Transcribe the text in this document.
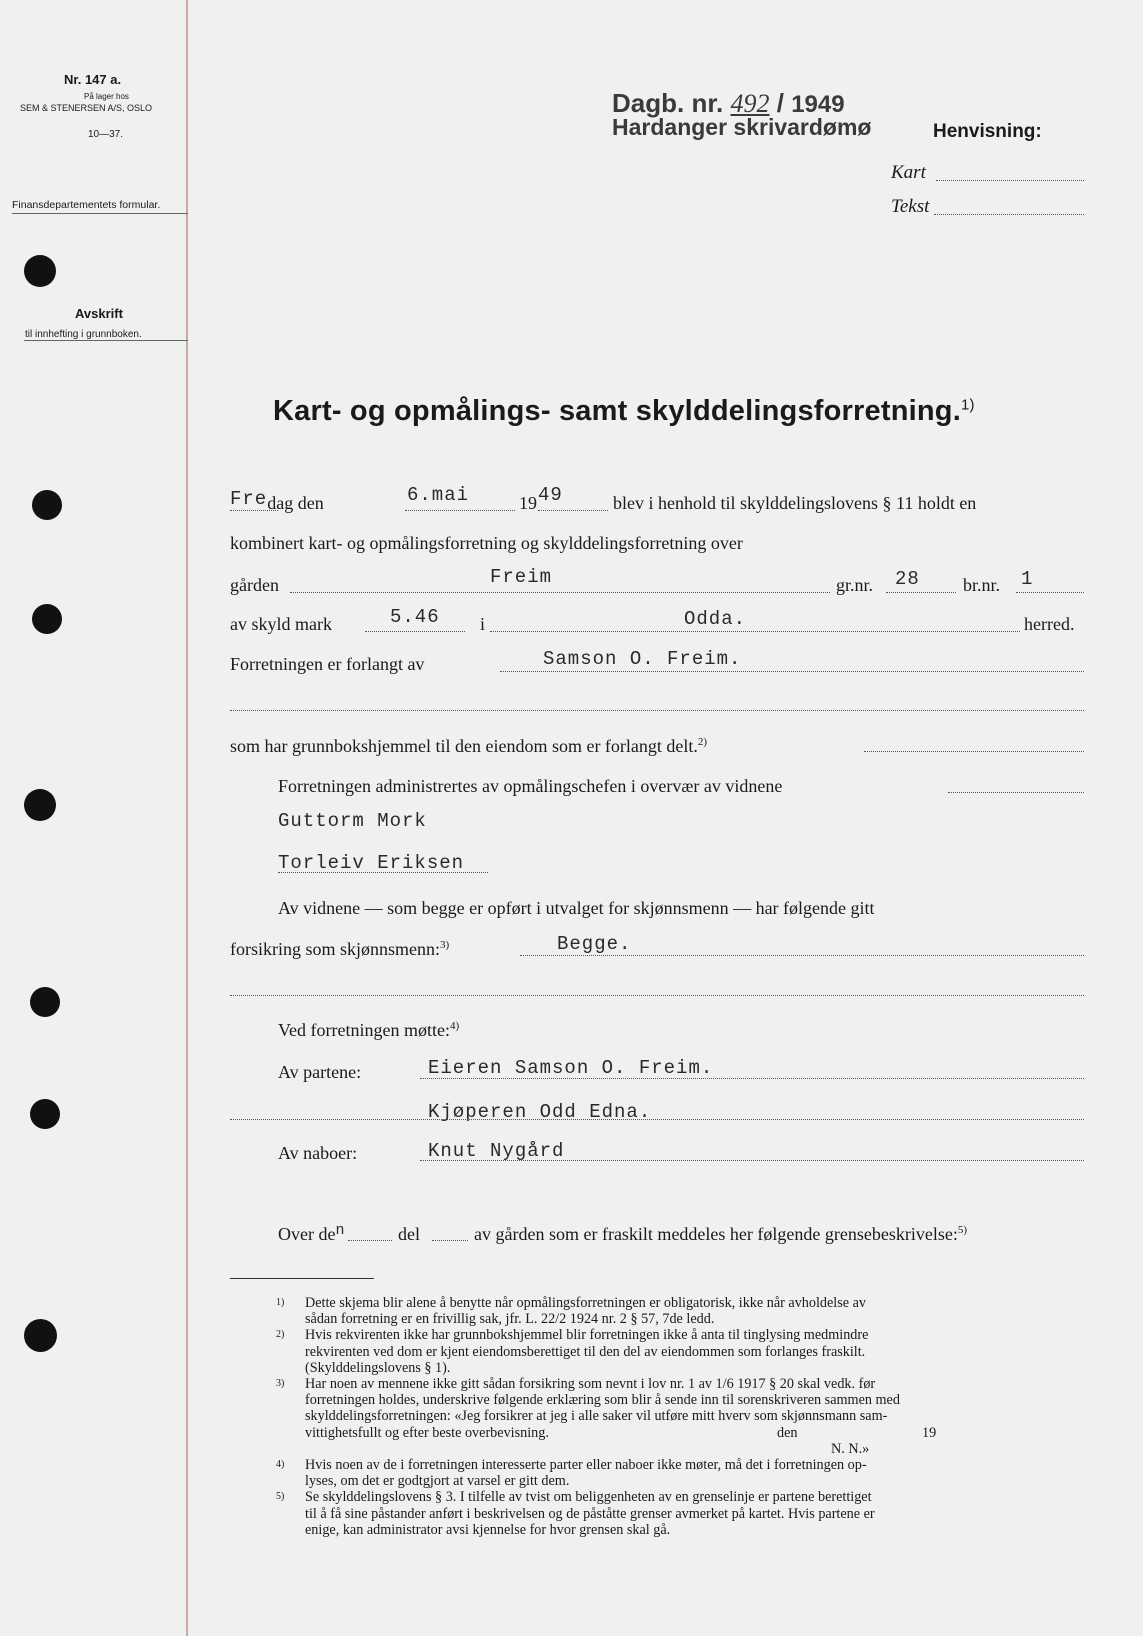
Nr. 147 a.
På lager hos
SEM & STENERSEN A/S, OSLO
10—37.
Finansdepartementets formular.
Avskrift
til innhefting i grunnboken.
Dagb. nr. 492 / 1949
Hardanger skrivardømø	Henvisning:
Kart
Tekst
Kart- og opmålings- samt skylddelingsforretning.$^{1)}$
Fredag den	6.mai	19 49	blev i henhold til skylddelingslovens § 11 holdt en
kombinert kart- og opmålingsforretning og skylddelingsforretning over
gården	Freim	gr.nr. 28 br.nr. 1
av skyld mark	5.46 i	Odda.	herred.
Forretningen er forlangt av	Samson O. Freim.
som har grunnbokshjemmel til den eiendom som er forlangt delt.$^{2)}$
Forretningen administrertes av opmålingschefen i overvær av vidnene
Guttorm Mork
Torleiv Eriksen
Av vidnene — som begge er opført i utvalget for skjønnsmenn — har følgende gitt
forsikring som skjønnsmenn:$^{3)}$	Begge.
Ved forretningen møtte:$^{4)}$
Av partene:	Eieren Samson O. Freim.
Kjøperen Odd Edna.
Av naboer:	Knut Nygård
Over $de^n$	del	av gården som er fraskilt meddeles her følgende grensebeskrivelse:$^{5)}$
1)	Dette skjema blir alene å benytte når opmålingsforretningen er obligatorisk, ikke når avholdelse av
sådan forretning er en frivillig sak, jfr. L. 22/2 1924 nr. 2 § 57, 7de ledd.
2)	Hvis rekvirenten ikke har grunnbokshjemmel blir forretningen ikke å anta til tinglysing medmindre
rekvirenten ved dom er kjent eiendomsberettiget til den del av eiendommen som forlanges fraskilt.
(Skylddelingslovens § 1).
3)	Har noen av mennene ikke gitt sådan forsikring som nevnt i lov nr. 1 av 1/6 1917 § 20 skal vedk. før
forretningen holdes, underskrive følgende erklæring som blir å sende inn til sorenskriveren sammen med
skylddelingsforretningen: «Jeg forsikrer at jeg i alle saker vil utføre mitt hverv som skjønnsmann sam-
vittighetsfullt og efter beste overbevisning.	den	19
N. N.»
4)	Hvis noen av de i forretningen interesserte parter eller naboer ikke møter, må det i forretningen op-
lyses, om det er godtgjort at varsel er gitt dem.
5)	Se skylddelingslovens § 3. I tilfelle av tvist om beliggenheten av en grenselinje er partene berettiget
til å få sine påstander anført i beskrivelsen og de påståtte grenser avmerket på kartet. Hvis partene er
enige, kan administrator avsi kjennelse for hvor grensen skal gå.
